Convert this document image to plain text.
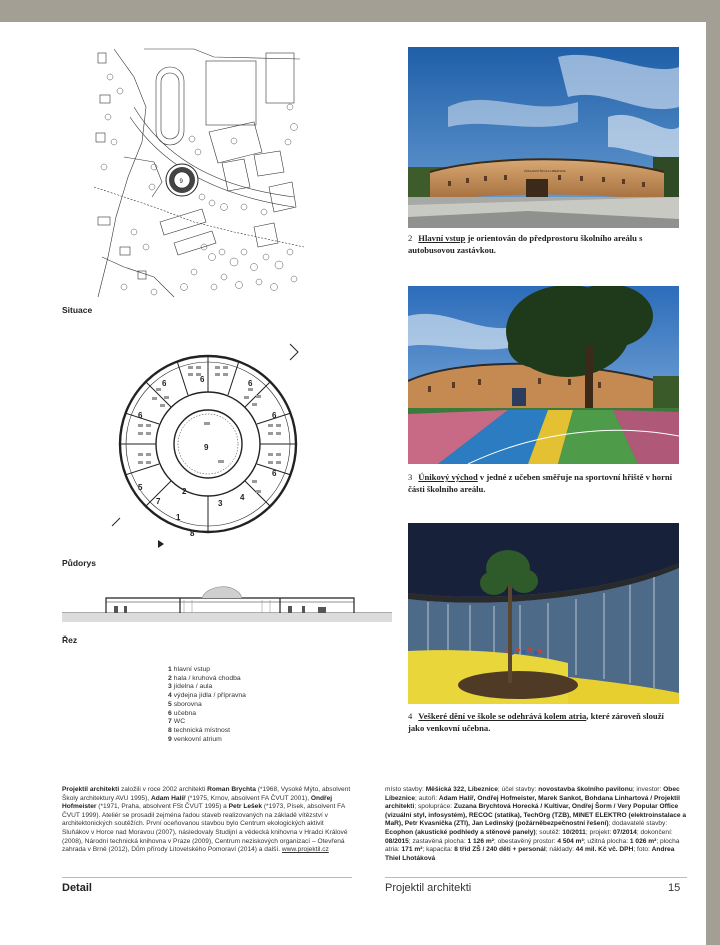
9
Situace
9
2
3
4
1
8
7
5
6	6	6
6
6
6
Půdorys
Řez
1 hlavní vstup
2 hala / kruhová chodba
3 jídelna / aula
4 výdejna jídla / přípravna
5 sborovna
6 učebna
7 WC
8 technická místnost
9 venkovní atrium
ZÁKLADNÍ ŠKOLA LIBEZNICE
2 Hlavní vstup je orientován do předprostoru školního areálu s autobusovou zastávkou.
3 Únikový východ v jedné z učeben směřuje na sportovní hřiště v horní části školního areálu.
4 Veškeré dění ve škole se odehrává kolem atria, které zároveň slouží jako venkovní učebna.
Projektil architekti založili v roce 2002 architekti Roman Brychta (*1968, Vysoké Mýto, absolvent Školy architektury AVU 1995), Adam Halíř (*1975, Krnov, absolvent FA ČVUT 2001), Ondřej Hofmeister (*1971, Praha, absolvent FSt ČVUT 1995) a Petr Lešek (*1973, Písek, absolvent FA ČVUT 1999). Ateliér se prosadil zejména řadou staveb realizovaných na základě vítězství v architektonických soutěžích. První oceňovanou stavbou bylo Centrum ekologických aktivit Sluňákov v Horce nad Moravou (2007), následovaly Studijní a vědecká knihovna v Hradci Králové (2008), Národní technická knihovna v Praze (2009), Centrum neziskových organizací – Otevřená zahrada v Brně (2012), Dům přírody Litovelského Pomoraví (2014) a další. www.projektil.cz
místo stavby: Měšická 322, Líbeznice; účel stavby: novostavba školního pavilonu; investor: Obec Líbeznice; autoři: Adam Halíř, Ondřej Hofmeister, Marek Sankot, Bohdana Linhartová / Projektil architekti; spolupráce: Zuzana Brychtová Horecká / Kultivar, Ondřej Šorm / Very Popular Office (vizuální styl, infosystém), RECOC (statika), TechOrg (TZB), MINET ELEKTRO (elektroinstalace a MaR), Petr Kvasnička (ZTI), Jan Ledinský (požárněbezpečnostní řešení); dodavatelé stavby: Ecophon (akustické podhledy a stěnové panely); soutěž: 10/2011; projekt: 07/2014; dokončení: 08/2015; zastavěná plocha: 1 126 m²; obestavěný prostor: 4 504 m³; užitná plocha: 1 026 m²; plocha atria: 171 m²; kapacita: 8 tříd ZŠ / 240 dětí + personál; náklady: 44 mil. Kč vč. DPH; foto: Andrea Thiel Lhotáková
Detail	Projektil architekti	15
